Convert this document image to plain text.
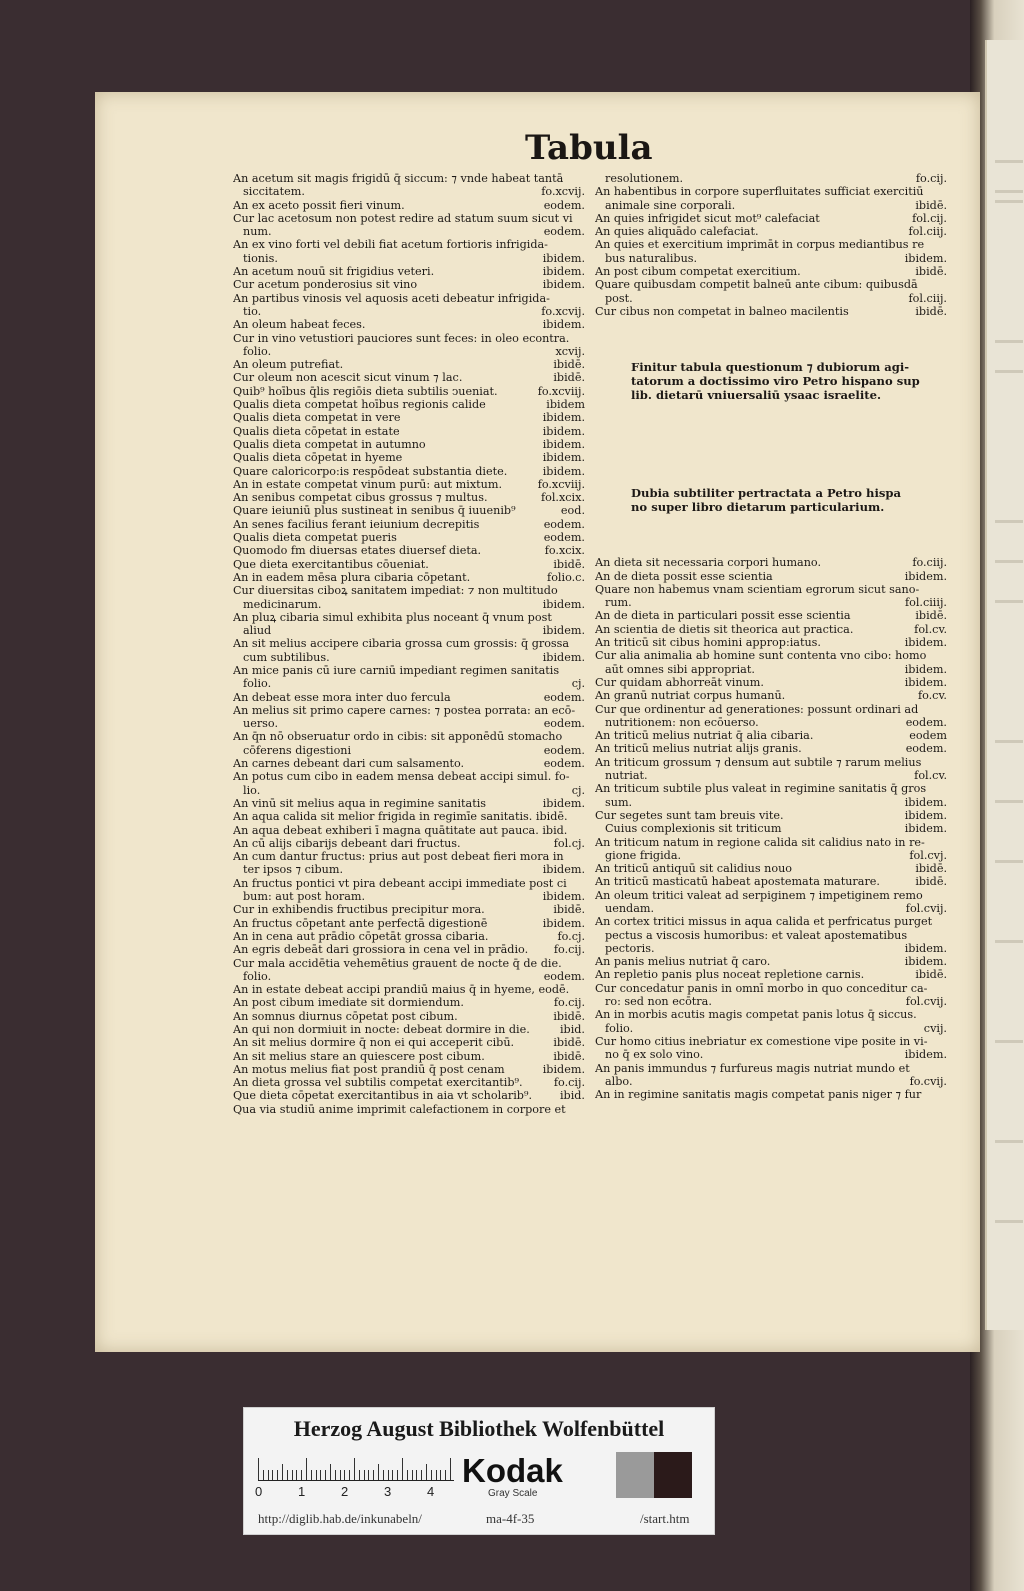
Tabula
An acetum sit magis frigidū q̄ siccum: ⁊ vnde habeat tantā
siccitatem.	fo.xcvij.
An ex aceto possit fieri vinum.	eodem.
Cur lac acetosum non potest redire ad statum suum sicut vi
num.	eodem.
An ex vino forti vel debili fiat acetum fortioris infrigida-
tionis.	ibidem.
An acetum nouū sit frigidius veteri.	ibidem.
Cur acetum ponderosius sit vino	ibidem.
An partibus vinosis vel aquosis aceti debeatur infrigida-
tio.	fo.xcvij.
An oleum habeat feces.	ibidem.
Cur in vino vetustiori pauciores sunt feces: in oleo econtra.
folio.	xcvij.
An oleum putrefiat.	ibidē.
Cur oleum non acescit sicut vinum ⁊ lac.	ibidē.
Quib⁹ hoībus q̄lis regiōis dieta subtilis ↄueniat.	fo.xcviij.
Qualis dieta competat hoībus regionis calide	ibidem
Qualis dieta competat in vere	ibidem.
Qualis dieta cōpetat in estate	ibidem.
Qualis dieta competat in autumno	ibidem.
Qualis dieta cōpetat in hyeme	ibidem.
Quare caloricorpo:is respōdeat substantia diete.	ibidem.
An in estate competat vinum purū: aut mixtum.	fo.xcviij.
An senibus competat cibus grossus ⁊ multus.	fol.xcix.
Quare ieiuniū plus sustineat in senibus q̄ iuuenib⁹	eod.
An senes facilius ferant ieiunium decrepitis	eodem.
Qualis dieta competat pueris	eodem.
Quomodo f̄m diuersas etates diuersef dieta.	fo.xcix.
Que dieta exercitantibus cōueniat.	ibidē.
An in eadem mēsa plura cibaria cōpetant.	folio.c.
Cur diuersitas ciboꝝ sanitatem impediat: ⁊ non multitudo
medicinarum.	ibidem.
An pluꝝ cibaria simul exhibita plus noceant q̄ vnum post
aliud	ibidem.
An sit melius accipere cibaria grossa cum grossis: q̄ grossa
cum subtilibus.	ibidem.
An mice panis cū iure carniū impediant regimen sanitatis
folio.	cj.
An debeat esse mora inter duo fercula	eodem.
An melius sit primo capere carnes: ⁊ postea porrata: an ecō-
uerso.	eodem.
An q̄n nō obseruatur ordo in cibis: sit apponēdū stomacho
cōferens digestioni	eodem.
An carnes debeant dari cum salsamento.	eodem.
An potus cum cibo in eadem mensa debeat accipi simul. fo-
lio.	cj.
An vinū sit melius aqua in regimine sanitatis	ibidem.
An aqua calida sit melior frigida in regimīe sanitatis. ibidē.
An aqua debeat exhiberi ī magna quātitate aut pauca. ibid.
An cū alijs cibarijs debeant dari fructus.	fol.cj.
An cum dantur fructus: prius aut post debeat fieri mora in
ter ipsos ⁊ cibum.	ibidem.
An fructus pontici vt pira debeant accipi immediate post ci
bum: aut post horam.	ibidem.
Cur in exhibendis fructibus precipitur mora.	ibidē.
An fructus cōpetant ante perfectā digestionē	ibidem.
An in cena aut prādio cōpetāt grossa cibaria.	fo.cj.
An egris debeāt dari grossiora in cena vel in prādio. fo.cij.
Cur mala accidētia vehemētius grauent de nocte q̄ de die.
folio.	eodem.
An in estate debeat accipi prandiū maius q̄ in hyeme, eodē.
An post cibum imediate sit dormiendum.	fo.cij.
An somnus diurnus cōpetat post cibum.	ibidē.
An qui non dormiuit in nocte: debeat dormire in die.	ibid.
An sit melius dormire q̄ non ei qui acceperit cibū.	ibidē.
An sit melius stare an quiescere post cibum.	ibidē.
An motus melius fiat post prandiū q̄ post cenam	ibidem.
An dieta grossa vel subtilis competat exercitantib⁹.	fo.cij.
Que dieta cōpetat exercitantibus in aia vt scholarib⁹. ibid.
Qua via studiū anime imprimit calefactionem in corpore et
resolutionem.	fo.cij.
An habentibus in corpore superfluitates sufficiat exercitiū
animale sine corporali.	ibidē.
An quies infrigidet sicut mot⁹ calefaciat	fol.cij.
An quies aliquādo calefaciat.	fol.ciij.
An quies et exercitium imprimāt in corpus mediantibus re
bus naturalibus.	ibidem.
An post cibum competat exercitium.	ibidē.
Quare quibusdam competit balneū ante cibum: quibusdā
post.	fol.ciij.
Cur cibus non competat in balneo macilentis	ibidē.
Finitur tabula questionum ⁊ dubiorum agi-
tatorum a doctissimo viro Petro hispano sup
lib. dietarū vniuersaliū ysaac israelite.
Dubia subtiliter pertractata a Petro hispa
no super libro dietarum particularium.
An dieta sit necessaria corpori humano.	fo.ciij.
An de dieta possit esse scientia	ibidem.
Quare non habemus vnam scientiam egrorum sicut sano-
rum.	fol.ciiij.
An de dieta in particulari possit esse scientia	ibidē.
An scientia de dietis sit theorica aut practica.	fol.cv.
An triticū sit cibus homini approp:iatus.	ibidem.
Cur alia animalia ab homine sunt contenta vno cibo: homo
aūt omnes sibi appropriat.	ibidem.
Cur quidam abhorreāt vinum.	ibidem.
An granū nutriat corpus humanū.	fo.cv.
Cur que ordinentur ad generationes: possunt ordinari ad
nutritionem: non ecōuerso.	eodem.
An triticū melius nutriat q̄ alia cibaria.	eodem
An triticū melius nutriat alijs granis.	eodem.
An triticum grossum ⁊ densum aut subtile ⁊ rarum melius
nutriat.	fol.cv.
An triticum subtile plus valeat in regimine sanitatis q̄ gros
sum.	ibidem.
Cur segetes sunt tam breuis vite.	ibidem.
Cuius complexionis sit triticum	ibidem.
An triticum natum in regione calida sit calidius nato in re-
gione frigida.	fol.cvj.
An triticū antiquū sit calidius nouo	ibidē.
An triticū masticatū habeat apostemata maturare.	ibidē.
An oleum tritici valeat ad serpiginem ⁊ impetiginem remo
uendam.	fol.cvij.
An cortex tritici missus in aqua calida et perfricatus purget
pectus a viscosis humoribus: et valeat apostematibus
pectoris.	ibidem.
An panis melius nutriat q̄ caro.	ibidem.
An repletio panis plus noceat repletione carnis.	ibidē.
Cur concedatur panis in omnī morbo in quo conceditur ca-
ro: sed non ecōtra.	fol.cvij.
An in morbis acutis magis competat panis lotus q̄ siccus.
folio.	cvij.
Cur homo citius inebriatur ex comestione vipe posite in vi-
no q̄ ex solo vino.	ibidem.
An panis immundus ⁊ furfureus magis nutriat mundo et
albo.	fo.cvij.
An in regimine sanitatis magis competat panis niger ⁊ fur
Herzog August Bibliothek Wolfenbüttel
0	1	2	3	4
Kodak
Gray Scale
http://diglib.hab.de/inkunabeln/	ma-4f-35	/start.htm
